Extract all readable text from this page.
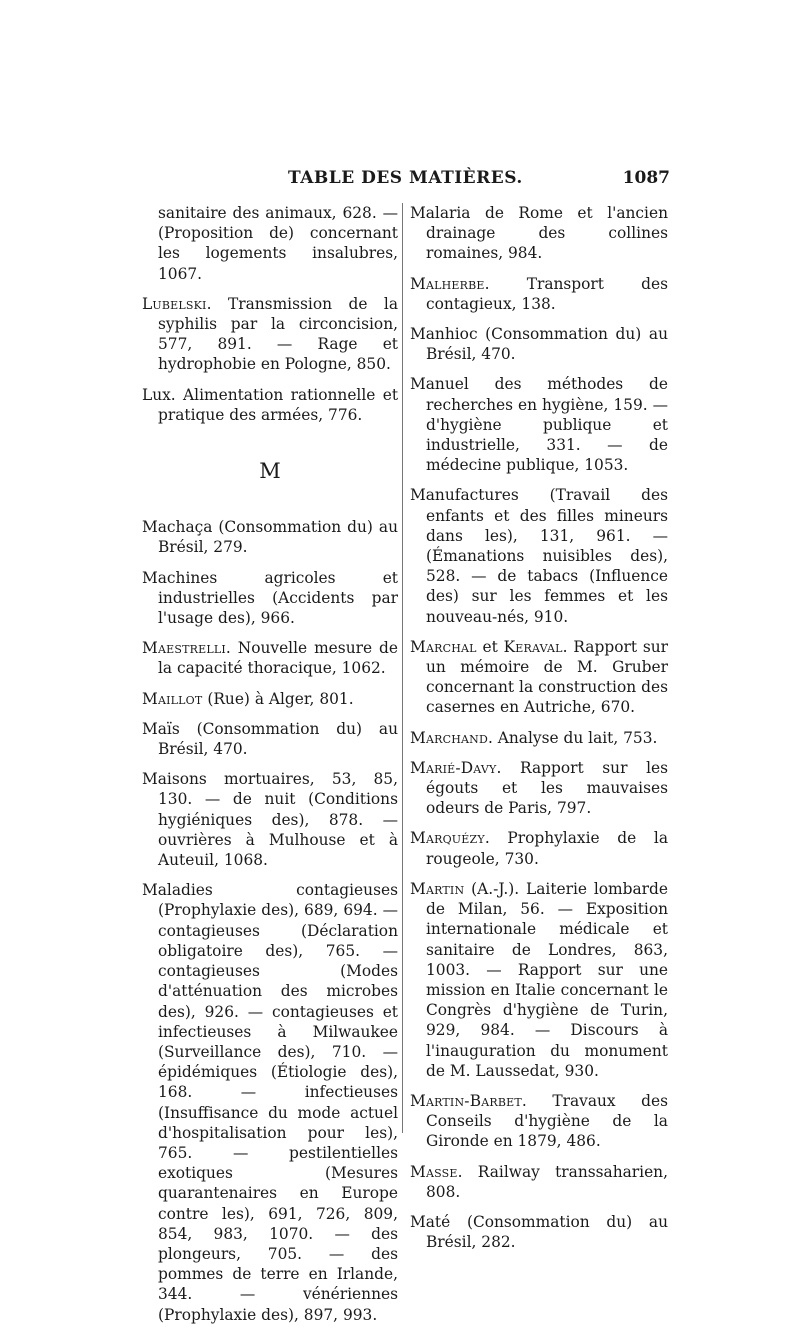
TABLE DES MATIÈRES.	1087
sanitaire des animaux, 628. — (Proposition de) concernant les logements insalubres, 1067.
Lubelski. Transmission de la syphilis par la circoncision, 577, 891. — Rage et hydrophobie en Pologne, 850.
Lux. Alimentation rationnelle et pratique des armées, 776.
M
Machaça (Consommation du) au Brésil, 279.
Machines agricoles et industrielles (Accidents par l'usage des), 966.
Maestrelli. Nouvelle mesure de la capacité thoracique, 1062.
Maillot (Rue) à Alger, 801.
Maïs (Consommation du) au Brésil, 470.
Maisons mortuaires, 53, 85, 130. — de nuit (Conditions hygiéniques des), 878. — ouvrières à Mulhouse et à Auteuil, 1068.
Maladies contagieuses (Prophylaxie des), 689, 694. — contagieuses (Déclaration obligatoire des), 765. — contagieuses (Modes d'atténuation des microbes des), 926. — contagieuses et infectieuses à Milwaukee (Surveillance des), 710. — épidémiques (Étiologie des), 168. — infectieuses (Insuffisance du mode actuel d'hospitalisation pour les), 765. — pestilentielles exotiques (Mesures quarantenaires en Europe contre les), 691, 726, 809, 854, 983, 1070. — des plongeurs, 705. — des pommes de terre en Irlande, 344. — vénériennes (Prophylaxie des), 897, 993.
Malaria de Rome et l'ancien drainage des collines romaines, 984.
Malherbe. Transport des contagieux, 138.
Manhioc (Consommation du) au Brésil, 470.
Manuel des méthodes de recherches en hygiène, 159. — d'hygiène publique et industrielle, 331. — de médecine publique, 1053.
Manufactures (Travail des enfants et des filles mineurs dans les), 131, 961. — (Émanations nuisibles des), 528. — de tabacs (Influence des) sur les femmes et les nouveau-nés, 910.
Marchal et Keraval. Rapport sur un mémoire de M. Gruber concernant la construction des casernes en Autriche, 670.
Marchand. Analyse du lait, 753.
Marié-Davy. Rapport sur les égouts et les mauvaises odeurs de Paris, 797.
Marquézy. Prophylaxie de la rougeole, 730.
Martin (A.-J.). Laiterie lombarde de Milan, 56. — Exposition internationale médicale et sanitaire de Londres, 863, 1003. — Rapport sur une mission en Italie concernant le Congrès d'hygiène de Turin, 929, 984. — Discours à l'inauguration du monument de M. Laussedat, 930.
Martin-Barbet. Travaux des Conseils d'hygiène de la Gironde en 1879, 486.
Masse. Railway transsaharien, 808.
Maté (Consommation du) au Brésil, 282.
